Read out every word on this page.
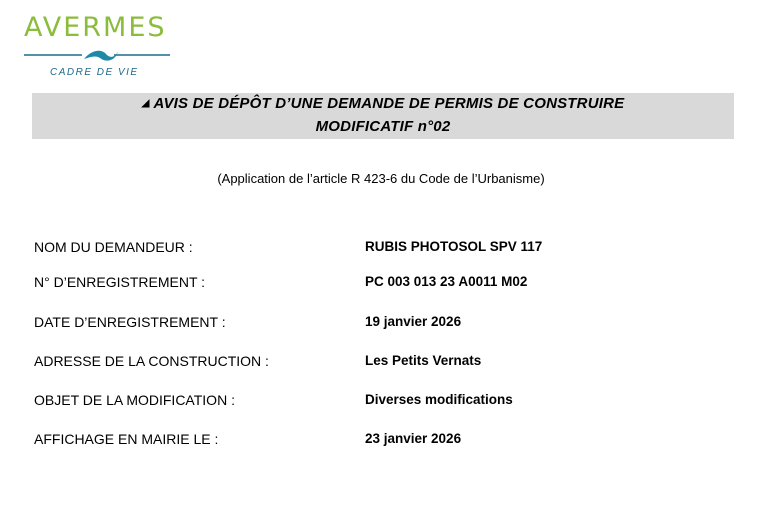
AVERMES
CADRE DE VIE
◢ AVIS DE DÉPÔT D’UNE DEMANDE DE PERMIS DE CONSTRUIRE
MODIFICATIF n°02
(Application de l’article R 423-6 du Code de l’Urbanisme)
NOM DU DEMANDEUR :	RUBIS PHOTOSOL SPV 117
N° D’ENREGISTREMENT :	PC 003 013 23 A0011 M02
DATE D’ENREGISTREMENT :	19 janvier 2026
ADRESSE DE LA CONSTRUCTION :	Les Petits Vernats
OBJET DE LA MODIFICATION :	Diverses modifications
AFFICHAGE EN MAIRIE LE :	23 janvier 2026
